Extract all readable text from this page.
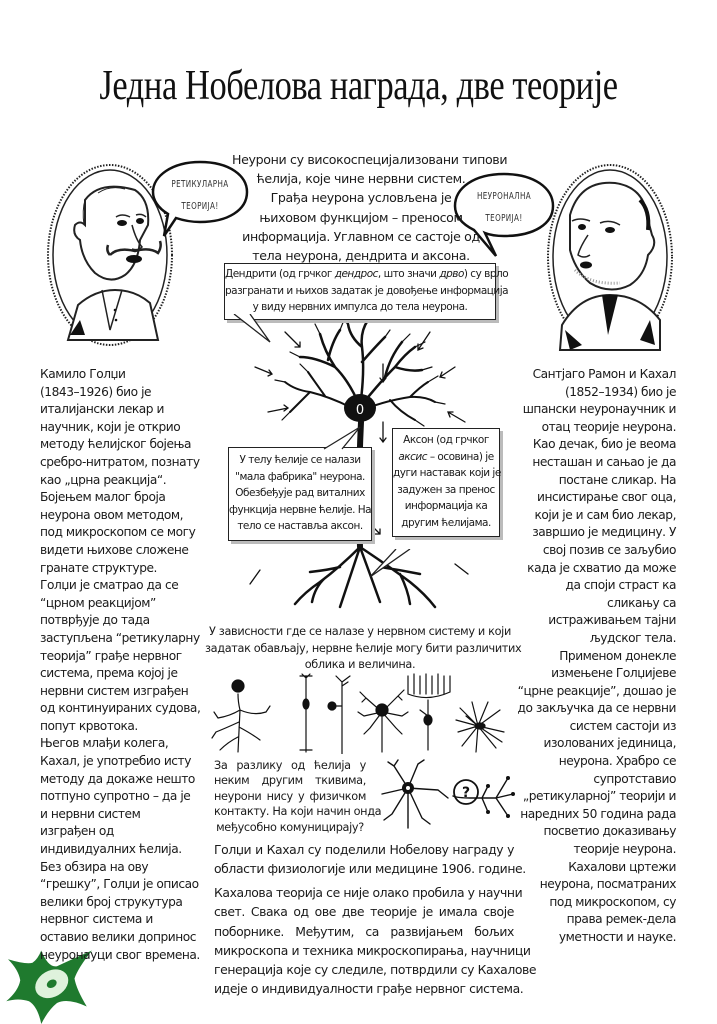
Једна Нобелова награда, две теорије
РЕТИКУЛАРНА
ТЕОРИЈА!
НЕУРОНАЛНА
ТЕОРИЈА!
Неурони су високоспецијализовани типови
ћелија, које чине нервни систем.
Грађа неурона условљена је
њиховом функцијом – преносом
информација. Углавном се састоје од
тела неурона, дендрита и аксона.
0
Дендрити (од грчког дендрос, што значи дрво) су врло
разгранати и њихов задатак је довођење информација
у виду нервних импулса до тела неурона.
У телу ћелије се налази
"мала фабрика" неурона.
Обезбеђује рад виталних
функција нервне ћелије. На
тело се наставља аксон.
Аксон (од грчког
аксис – осовина) је
дуги наставак који је
задужен за пренос
информација ка
другим ћелијама.
Камило Голџи
(1843–1926) био је
италијански лекар и
научник, који је открио
методу ћелијског бојења
сребро-нитратом, познату
као „црна реакција“.
Бојењем малог броја
неурона овом методом,
под микроскопом се могу
видети њихове сложене
гранате структуре.
Голџи је сматрао да се
“црном реакцијом”
потврђује до тада
заступљена “ретикуларну
теорија” грађе нервног
система, према којој је
нервни систем изграђен
од континуираних судова,
попут крвотока.
Његов млађи колега,
Кахал, је употребио исту
методу да докаже нешто
потпуно супротно – да је
и нервни систем
изграђен од
индивидуалних ћелија.
Без обзира на ову
“грешку”, Голџи је описао
велики број струкутура
нервног система и
оставио велики допринос
неуронауци свог времена.
Сантјаго Рамон и Кахал
(1852–1934) био је
шпански неуронаучник и
отац теорије неурона.
Као дечак, био је веома
несташан и сањао је да
постане сликар. На
инсистирање свог оца,
који је и сам био лекар,
завршио је медицину. У
свој позив се заљубио
када је схватио да може
да споји страст ка
сликању са
истраживањем тајни
људског тела.
Применом донекле
измењене Голџијеве
“црне реакције”, дошао је
до закључка да се нервни
систем састоји из
изолованих јединица,
неурона. Храбро се
супротставио
„ретикуларној” теорији и
наредних 50 година рада
посветио доказивању
теорије неурона.
Кахалови цртежи
неурона, посматраних
под микроскопом, су
права ремек-дела
уметности и науке.
У зависности где се налазе у нервном систему и који
задатак обављају, нервне ћелије могу бити различитих
облика и величина.
За разлику од ћелија у
неким другим ткивима,
неурони нису у физичком
контакту. На који начин онда
међусобно комуницирају?
?
Голџи и Кахал су поделили Нобелову награду у
области физиологије или медицине 1906. године.
Кахалова теорија се није олако пробила у научни
свет. Свака од ове две теорије је имала своје
поборнике. Међутим, са развијањем бољих
микроскопа и техника микроскопирања, научници
генерација које су следиле, потврдили су Кахалове
идеје о индивидуалности грађе нервног система.
